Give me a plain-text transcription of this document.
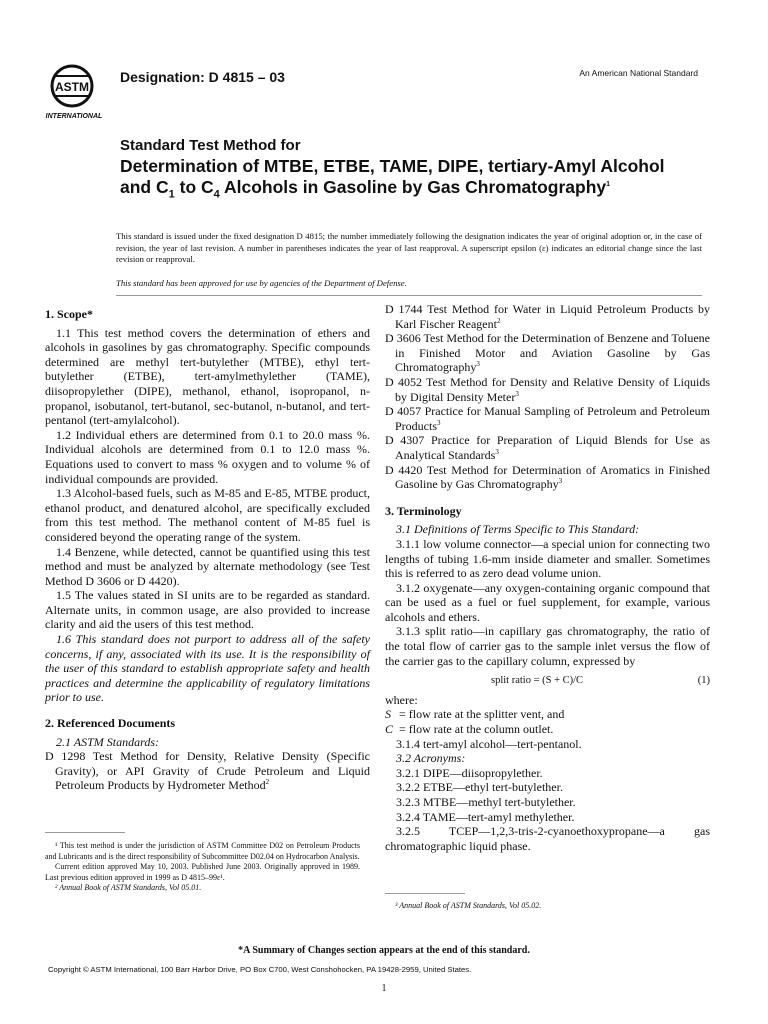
ASTM
INTERNATIONAL
Designation: D 4815 – 03	An American National Standard

Standard Test Method for

Determination of MTBE, ETBE, TAME, DIPE, tertiary-Amyl Alcohol and $C_1$ to $C_4$ Alcohols in Gasoline by Gas Chromatography$^1$

This standard is issued under the fixed designation D 4815; the number immediately following the designation indicates the year of original adoption or, in the case of revision, the year of last revision. A number in parentheses indicates the year of last reapproval. A superscript epsilon (ε) indicates an editorial change since the last revision or reapproval.
This standard has been approved for use by agencies of the Department of Defense.

1. Scope*

1.1 This test method covers the determination of ethers and alcohols in gasolines by gas chromatography. Specific compounds determined are methyl tert-butylether (MTBE), ethyl tert-butylether (ETBE), tert-amylmethylether (TAME), diisopropylether (DIPE), methanol, ethanol, isopropanol, n-propanol, isobutanol, tert-butanol, sec-butanol, n-butanol, and tert-pentanol (tert-amylalcohol).

1.2 Individual ethers are determined from 0.1 to 20.0 mass %. Individual alcohols are determined from 0.1 to 12.0 mass %. Equations used to convert to mass % oxygen and to volume % of individual compounds are provided.

1.3 Alcohol-based fuels, such as M-85 and E-85, MTBE product, ethanol product, and denatured alcohol, are specifically excluded from this test method. The methanol content of M-85 fuel is considered beyond the operating range of the system.

1.4 Benzene, while detected, cannot be quantified using this test method and must be analyzed by alternate methodology (see Test Method D 3606 or D 4420).

1.5 The values stated in SI units are to be regarded as standard. Alternate units, in common usage, are also provided to increase clarity and aid the users of this test method.

1.6 This standard does not purport to address all of the safety concerns, if any, associated with its use. It is the responsibility of the user of this standard to establish appropriate safety and health practices and determine the applicability of regulatory limitations prior to use.

2. Referenced Documents

2.1 ASTM Standards:

D 1298 Test Method for Density, Relative Density (Specific Gravity), or API Gravity of Crude Petroleum and Liquid Petroleum Products by Hydrometer Method$^2$

D 1744 Test Method for Water in Liquid Petroleum Products by Karl Fischer Reagent$^2$

D 3606 Test Method for the Determination of Benzene and Toluene in Finished Motor and Aviation Gasoline by Gas Chromatography$^3$

D 4052 Test Method for Density and Relative Density of Liquids by Digital Density Meter$^3$

D 4057 Practice for Manual Sampling of Petroleum and Petroleum Products$^3$

D 4307 Practice for Preparation of Liquid Blends for Use as Analytical Standards$^3$

D 4420 Test Method for Determination of Aromatics in Finished Gasoline by Gas Chromatography$^3$

3. Terminology

3.1 Definitions of Terms Specific to This Standard:

3.1.1 low volume connector—a special union for connecting two lengths of tubing 1.6-mm inside diameter and smaller. Sometimes this is referred to as zero dead volume union.

3.1.2 oxygenate—any oxygen-containing organic compound that can be used as a fuel or fuel supplement, for example, various alcohols and ethers.

3.1.3 split ratio—in capillary gas chromatography, the ratio of the total flow of carrier gas to the sample inlet versus the flow of the carrier gas to the capillary column, expressed by

split ratio = (S + C)/C	(1)

where:

S = flow rate at the splitter vent, and
C = flow rate at the column outlet.

3.1.4 tert-amyl alcohol—tert-pentanol.

3.2 Acronyms:

3.2.1 DIPE—diisopropylether.

3.2.2 ETBE—ethyl tert-butylether.

3.2.3 MTBE—methyl tert-butylether.

3.2.4 TAME—tert-amyl methylether.

3.2.5 TCEP—1,2,3-tris-2-cyanoethoxypropane—a gas chromatographic liquid phase.

¹ This test method is under the jurisdiction of ASTM Committee D02 on Petroleum Products and Lubricants and is the direct responsibility of Subcommittee D02.04 on Hydrocarbon Analysis.

Current edition approved May 10, 2003. Published June 2003. Originally approved in 1989. Last previous edition approved in 1999 as D 4815–99ε¹.

² Annual Book of ASTM Standards, Vol 05.01.

³ Annual Book of ASTM Standards, Vol 05.02.

*A Summary of Changes section appears at the end of this standard.
Copyright © ASTM International, 100 Barr Harbor Drive, PO Box C700, West Conshohocken, PA 19428-2959, United States.
1
